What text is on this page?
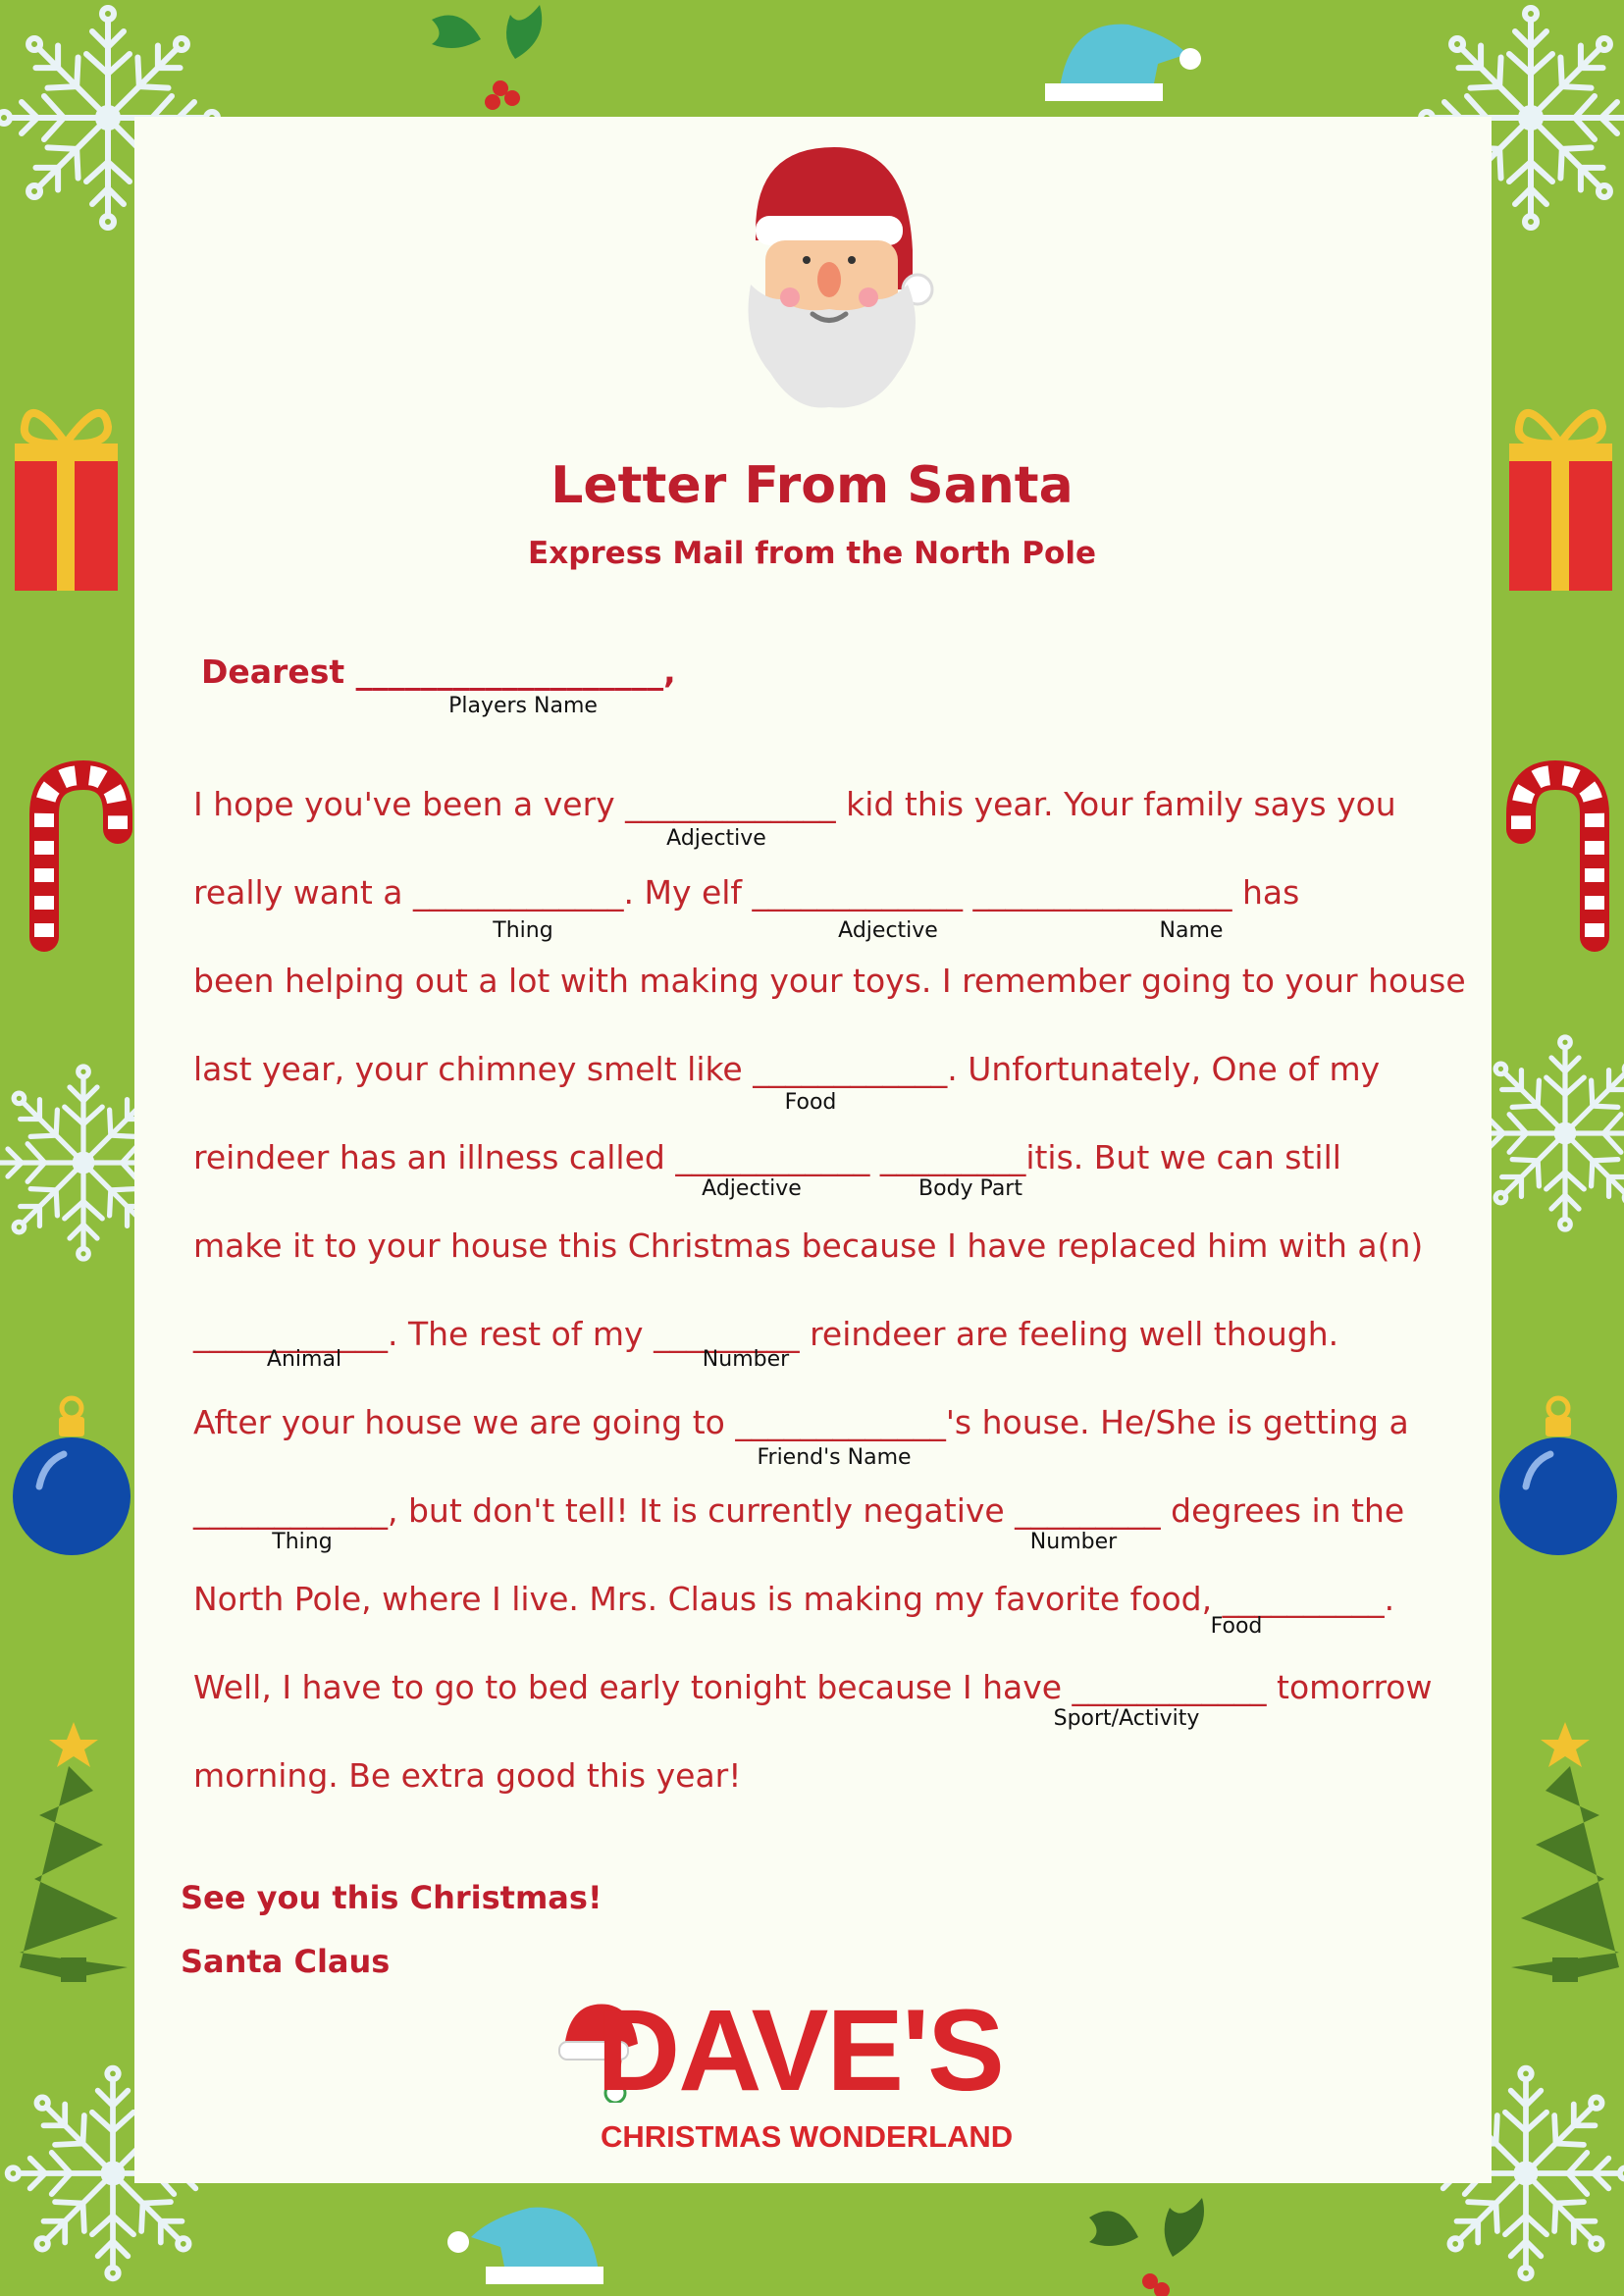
Letter From Santa
Express Mail from the North Pole
Dearest ___________________,
Players Name
I hope you've been a very _____________ kid this year. Your family says you
really want a _____________. My elf _____________ ________________ has
been helping out a lot with making your toys. I remember going to your house
last year, your chimney smelt like ____________. Unfortunately, One of my
reindeer has an illness called ____________ _________itis. But we can still
make it to your house this Christmas because I have replaced him with a(n)
____________. The rest of my _________ reindeer are feeling well though.
After your house we are going to _____________'s house. He/She is getting a
____________, but don't tell! It is currently negative _________ degrees in the
North Pole, where I live. Mrs. Claus is making my favorite food, __________.
Well, I have to go to bed early tonight because I have ____________ tomorrow
morning. Be extra good this year!
Adjective
Thing	Adjective	Name
Food
Adjective	Body Part
Animal	Number
Friend's Name
Thing	Number
Food
Sport/Activity
See you this Christmas!
Santa Claus
DAVE'S
CHRISTMAS WONDERLAND
